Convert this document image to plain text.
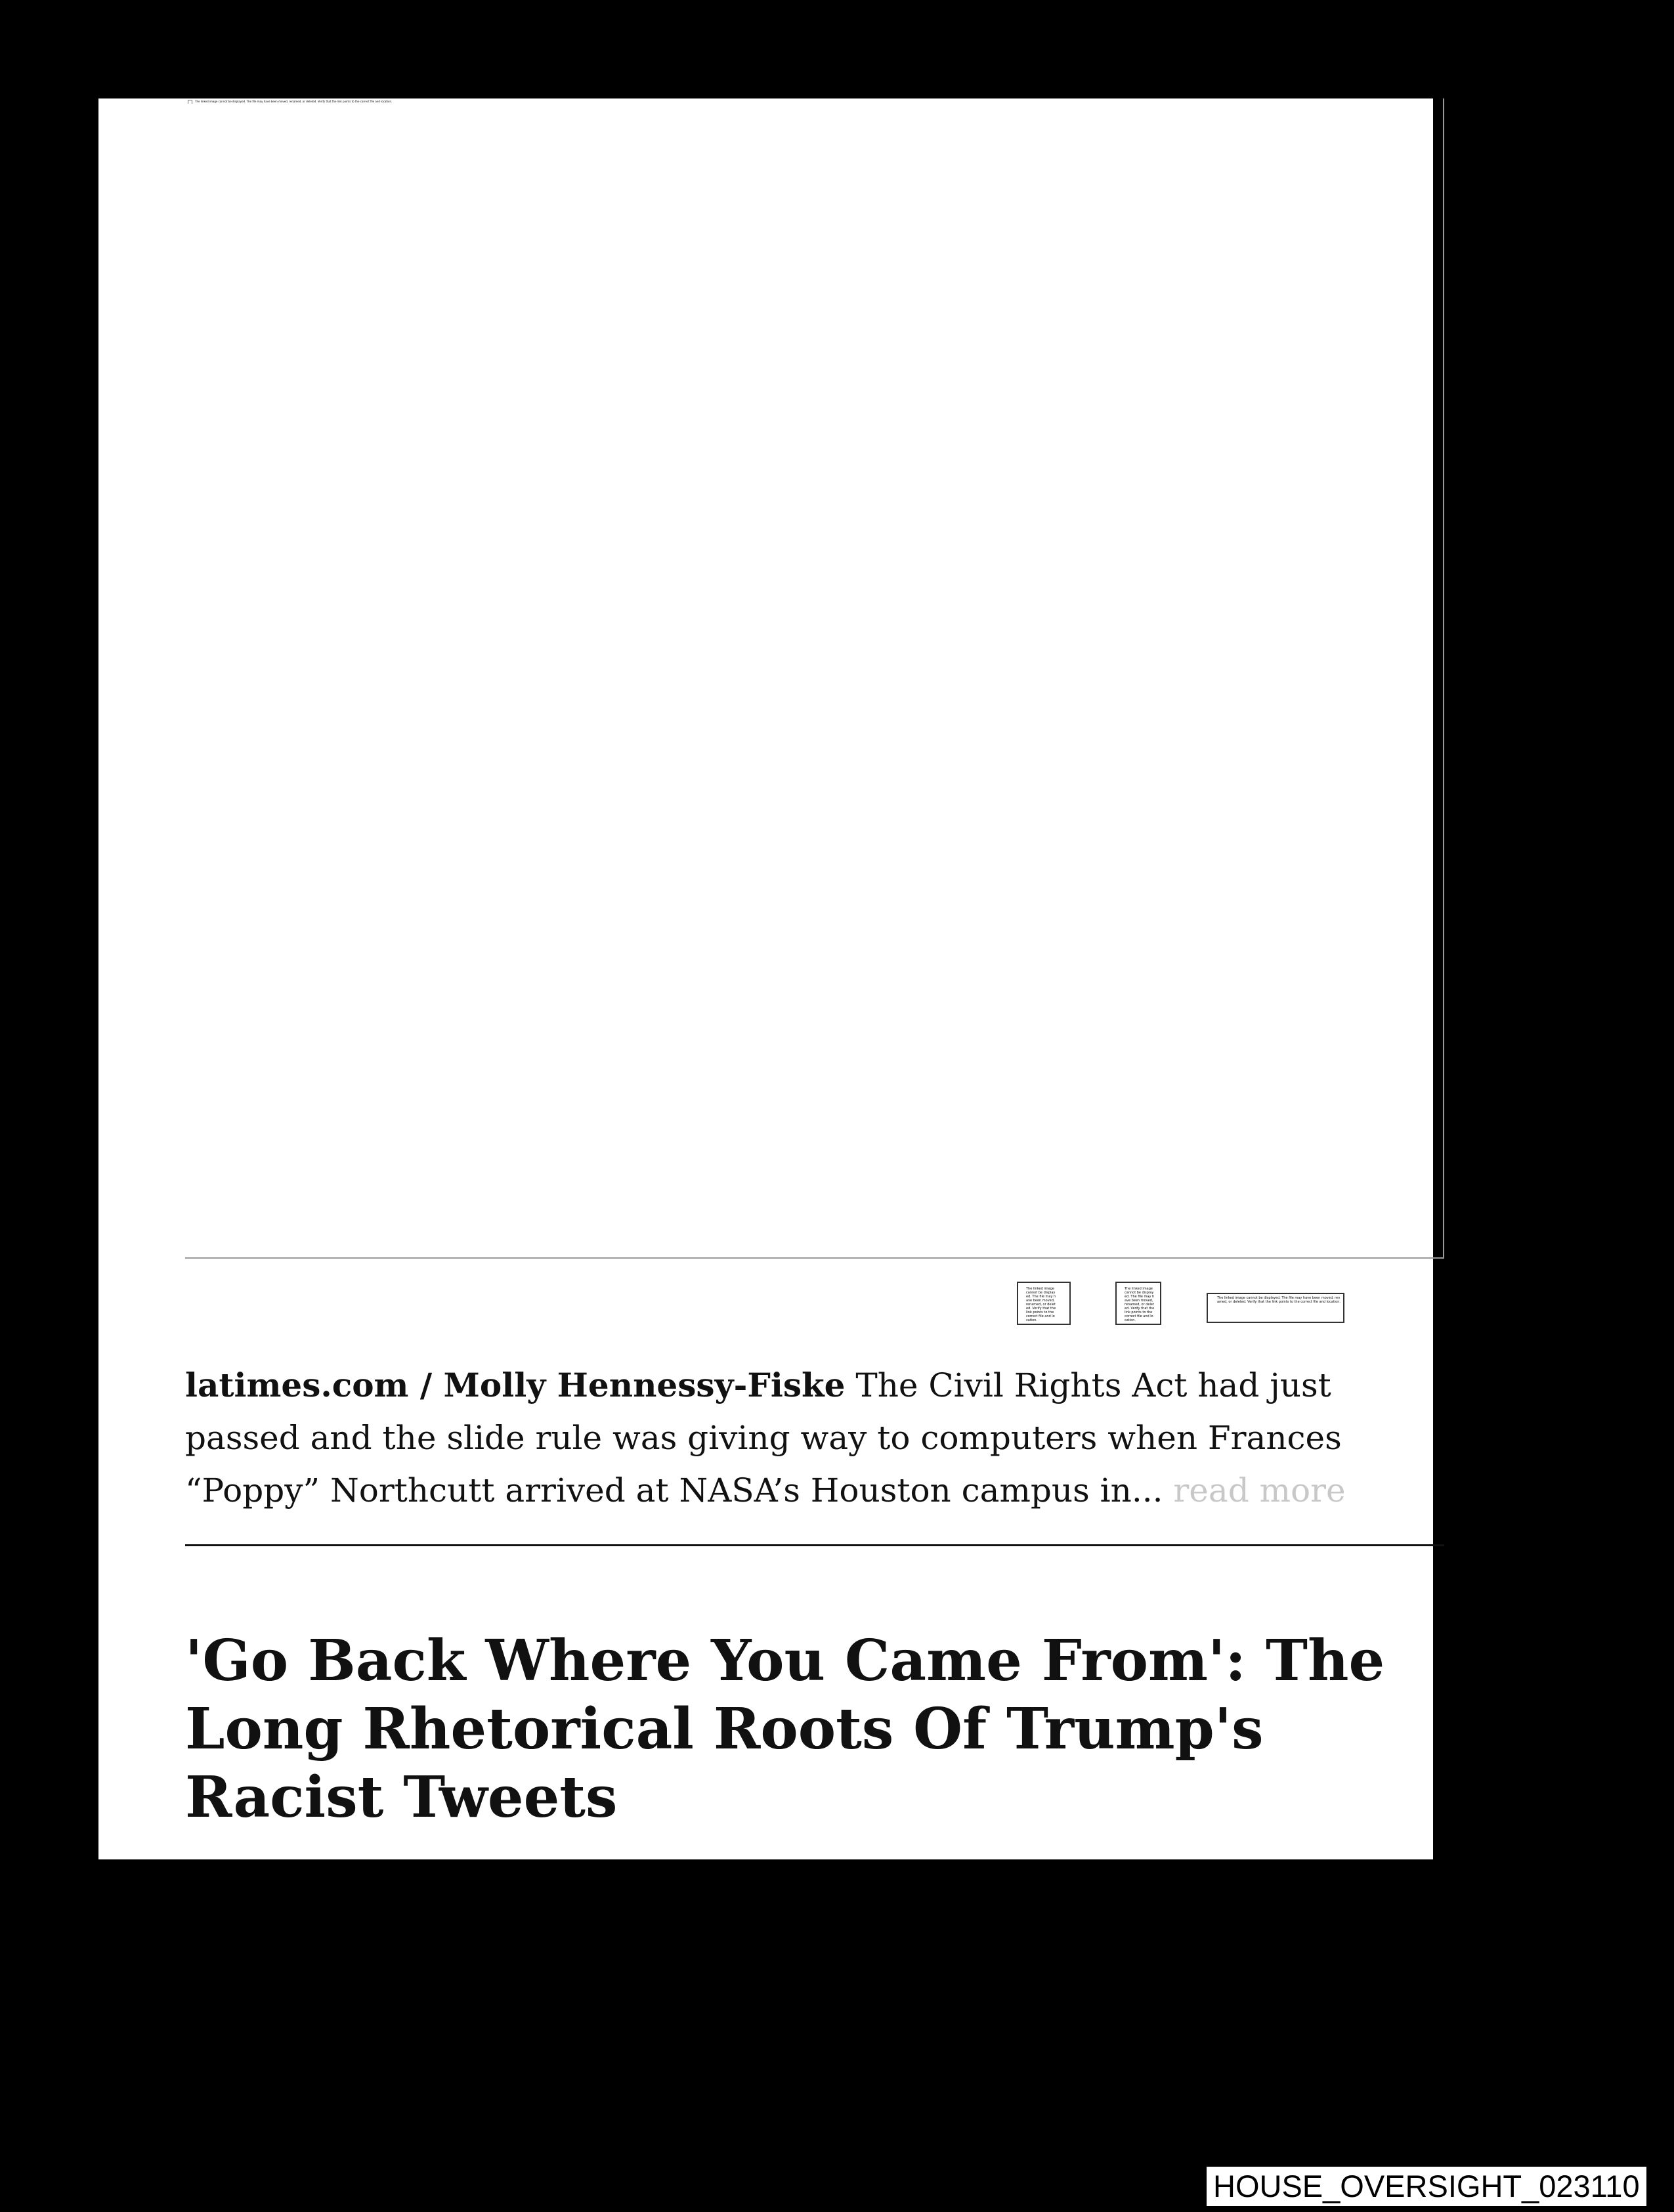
The linked image cannot be displayed. The file may have been moved, renamed, or deleted. Verify that the link points to the correct file and location.
The linked image cannot be displayed. The file may have been moved, renamed, or deleted. Verify that the link points to the correct file and location.
The linked image cannot be displayed. The file may have been moved, renamed, or deleted. Verify that the link points to the correct file and location.
The linked image cannot be displayed. The file may have been moved, renamed, or deleted. Verify that the link points to the correct file and location.

latimes.com / Molly Hennessy-Fiske The Civil Rights Act had just passed and the slide rule was giving way to computers when Frances “Poppy” Northcutt arrived at NASA’s Houston campus in... read more

'Go Back Where You Came From': The Long Rhetorical Roots Of Trump's Racist Tweets

HOUSE_OVERSIGHT_023110
